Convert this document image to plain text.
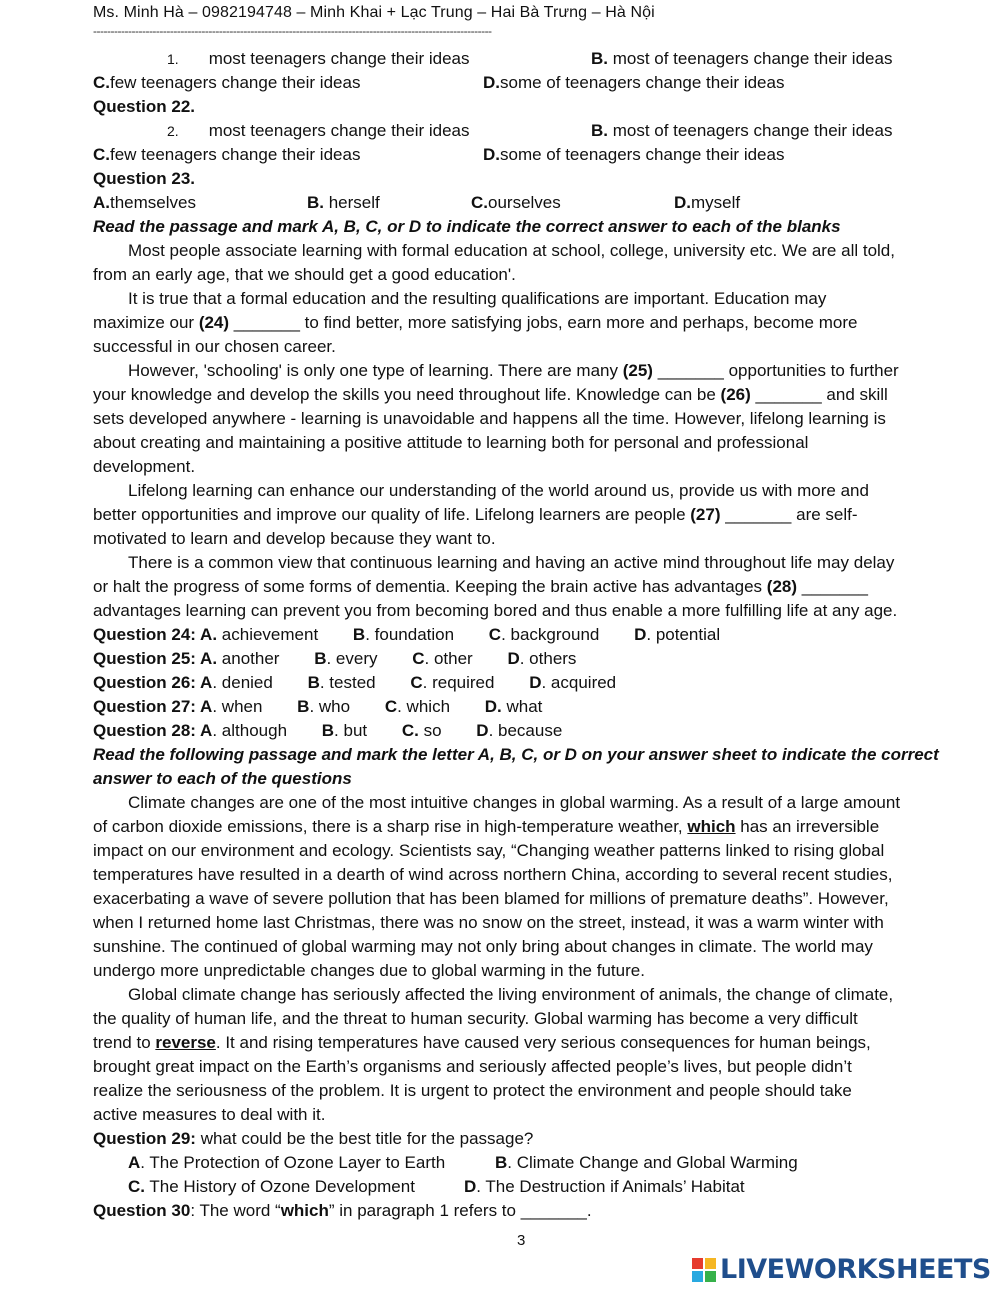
Ms. Minh Hà – 0982194748 – Minh Khai + Lạc Trung – Hai Bà Trưng – Hà Nội
------------------------------------------------------------------------------------------------------------------
1. most teenagers change their ideas	B. most of teenagers change their ideas
C.few teenagers change their ideas	D.some of teenagers change their ideas
Question 22.
2. most teenagers change their ideas	B. most of teenagers change their ideas
C.few teenagers change their ideas	D.some of teenagers change their ideas
Question 23.
A.themselves	B. herself	C.ourselves	D.myself
Read the passage and mark A, B, C, or D to indicate the correct answer to each of the blanks
Most people associate learning with formal education at school, college, university etc. We are all told,
from an early age, that we should get a good education'.
It is true that a formal education and the resulting qualifications are important. Education may
maximize our (24) _______ to find better, more satisfying jobs, earn more and perhaps, become more
successful in our chosen career.
However, 'schooling' is only one type of learning. There are many (25) _______ opportunities to further
your knowledge and develop the skills you need throughout life. Knowledge can be (26) _______ and skill
sets developed anywhere - learning is unavoidable and happens all the time. However, lifelong learning is
about creating and maintaining a positive attitude to learning both for personal and professional
development.
Lifelong learning can enhance our understanding of the world around us, provide us with more and
better opportunities and improve our quality of life. Lifelong learners are people (27) _______ are self-
motivated to learn and develop because they want to.
There is a common view that continuous learning and having an active mind throughout life may delay
or halt the progress of some forms of dementia. Keeping the brain active has advantages (28) _______
advantages learning can prevent you from becoming bored and thus enable a more fulfilling life at any age.
Question 24: A. achievement B. foundation C. background D. potential
Question 25: A. another B. every C. other D. others
Question 26: A. denied B. tested C. required D. acquired
Question 27: A. when B. who C. which D. what
Question 28: A. although B. but C. so D. because
Read the following passage and mark the letter A, B, C, or D on your answer sheet to indicate the correct
answer to each of the questions
Climate changes are one of the most intuitive changes in global warming. As a result of a large amount
of carbon dioxide emissions, there is a sharp rise in high-temperature weather, which has an irreversible
impact on our environment and ecology. Scientists say, “Changing weather patterns linked to rising global
temperatures have resulted in a dearth of wind across northern China, according to several recent studies,
exacerbating a wave of severe pollution that has been blamed for millions of premature deaths”. However,
when I returned home last Christmas, there was no snow on the street, instead, it was a warm winter with
sunshine. The continued of global warming may not only bring about changes in climate. The world may
undergo more unpredictable changes due to global warming in the future.
Global climate change has seriously affected the living environment of animals, the change of climate,
the quality of human life, and the threat to human security. Global warming has become a very difficult
trend to reverse. It and rising temperatures have caused very serious consequences for human beings,
brought great impact on the Earth’s organisms and seriously affected people’s lives, but people didn’t
realize the seriousness of the problem. It is urgent to protect the environment and people should take
active measures to deal with it.
Question 29: what could be the best title for the passage?
A. The Protection of Ozone Layer to Earth	B. Climate Change and Global Warming
C. The History of Ozone Development	D. The Destruction if Animals’ Habitat
Question 30: The word “which” in paragraph 1 refers to _______.
3
LIVEWORKSHEETS
